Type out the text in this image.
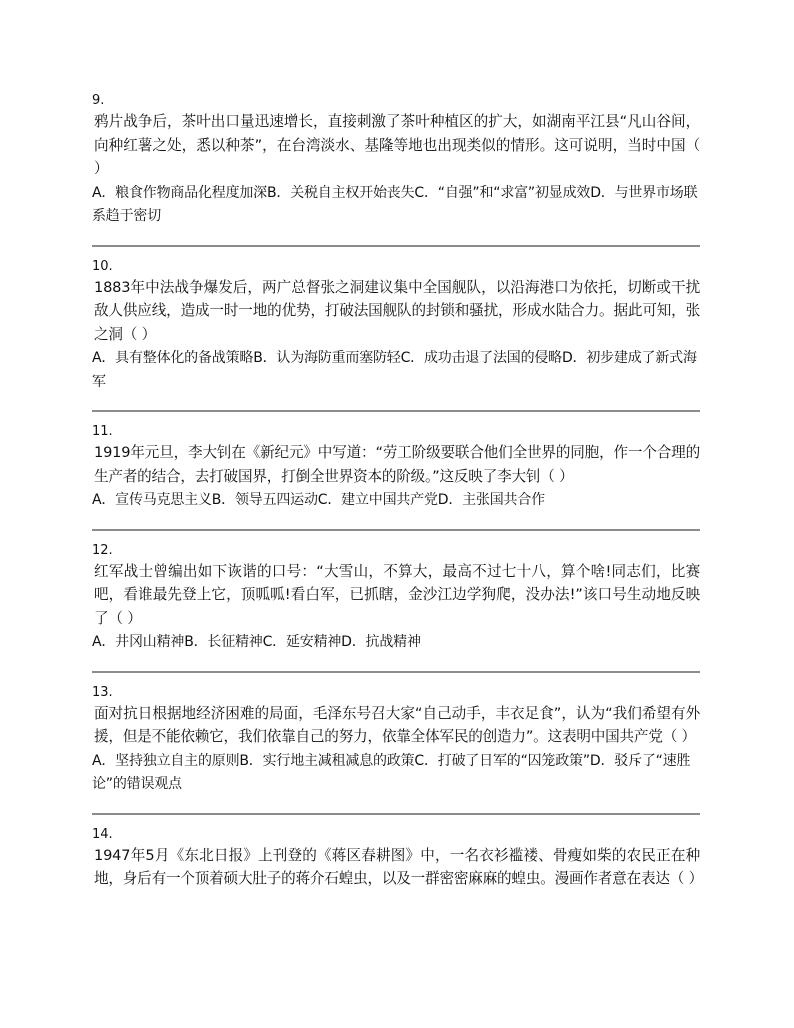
9.

鸦片战争后，茶叶出口量迅速增长，直接刺激了茶叶种植区的扩大，如湖南平江县“凡山谷间，向种红薯之处，悉以种茶”，在台湾淡水、基隆等地也出现类似的情形。这可说明，当时中国（ ）

A．粮食作物商品化程度加深B．关税自主权开始丧失C．“自强”和“求富”初显成效D．与世界市场联系趋于密切
10.

1883年中法战争爆发后，两广总督张之洞建议集中全国舰队，以沿海港口为依托，切断或干扰敌人供应线，造成一时一地的优势，打破法国舰队的封锁和骚扰，形成水陆合力。据此可知，张之洞（ ）

A．具有整体化的备战策略B．认为海防重而塞防轻C．成功击退了法国的侵略D．初步建成了新式海军
11.

1919年元旦，李大钊在《新纪元》中写道：“劳工阶级要联合他们全世界的同胞，作一个合理的生产者的结合，去打破国界，打倒全世界资本的阶级。”这反映了李大钊（ ）

A．宣传马克思主义B．领导五四运动C．建立中国共产党D．主张国共合作
12.

红军战士曾编出如下诙谐的口号：“大雪山，不算大，最高不过七十八，算个啥!同志们，比赛吧，看谁最先登上它，顶呱呱!看白军，已抓瞎，金沙江边学狗爬，没办法!”该口号生动地反映了（ ）

A．井冈山精神B．长征精神C．延安精神D．抗战精神
13.

面对抗日根据地经济困难的局面，毛泽东号召大家“自己动手，丰衣足食”，认为“我们希望有外援，但是不能依赖它，我们依靠自己的努力，依靠全体军民的创造力”。这表明中国共产党（ ）

A．坚持独立自主的原则B．实行地主减租减息的政策C．打破了日军的“囚笼政策”D．驳斥了“速胜论”的错误观点
14.

1947年5月《东北日报》上刊登的《蒋区春耕图》中，一名衣衫褴褛、骨瘦如柴的农民正在种地，身后有一个顶着硕大肚子的蒋介石蝗虫，以及一群密密麻麻的蝗虫。漫画作者意在表达（ ）
